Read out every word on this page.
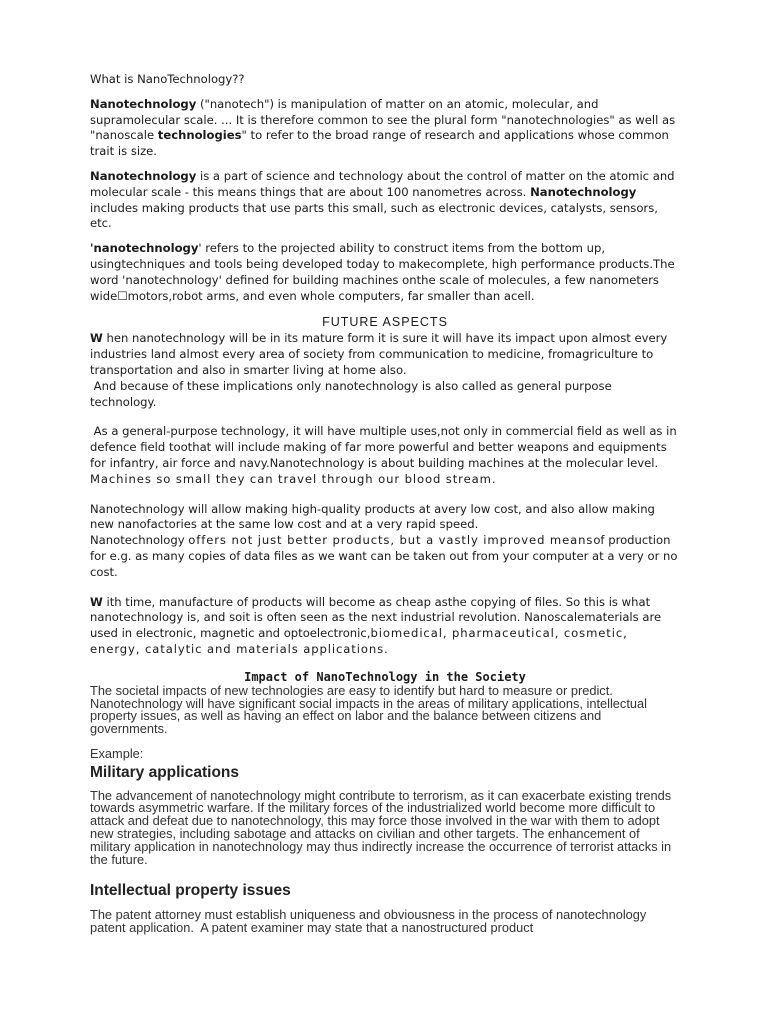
What is NanoTechnology??

Nanotechnology ("nanotech") is manipulation of matter on an atomic, molecular, and supramolecular scale. ... It is therefore common to see the plural form "nanotechnologies" as well as "nanoscale technologies" to refer to the broad range of research and applications whose common trait is size.

Nanotechnology is a part of science and technology about the control of matter on the atomic and molecular scale - this means things that are about 100 nanometres across. Nanotechnology includes making products that use parts this small, such as electronic devices, catalysts, sensors, etc.

'nanotechnology' refers to the projected ability to construct items from the bottom up, usingtechniques and tools being developed today to makecomplete, high performance products.The word 'nanotechnology' defined for building machines onthe scale of molecules, a few nanometers wide☐motors,robot arms, and even whole computers, far smaller than acell.

FUTURE ASPECTS

W hen nanotechnology will be in its mature form it is sure it will have its impact upon almost every industries land almost every area of society from communication to medicine, fromagriculture to transportation and also in smarter living at home also.
And because of these implications only nanotechnology is also called as general purpose technology.

As a general-purpose technology, it will have multiple uses,not only in commercial field as well as in defence field toothat will include making of far more powerful and better weapons and equipments for infantry, air force and navy.Nanotechnology is about building machines at the molecular level. Machines so small they can travel through our blood stream.

Nanotechnology will allow making high-quality products at avery low cost, and also allow making new nanofactories at the same low cost and at a very rapid speed.
Nanotechnology offers not just better products, but a vastly improved meansof production for e.g. as many copies of data files as we want can be taken out from your computer at a very or no cost.

W ith time, manufacture of products will become as cheap asthe copying of files. So this is what nanotechnology is, and soit is often seen as the next industrial revolution. Nanoscalematerials are used in electronic, magnetic and optoelectronic,biomedical, pharmaceutical, cosmetic, energy, catalytic and materials applications.

Impact of NanoTechnology in the Society

The societal impacts of new technologies are easy to identify but hard to measure or predict. Nanotechnology will have significant social impacts in the areas of military applications, intellectual property issues, as well as having an effect on labor and the balance between citizens and governments.

Example:

Military applications

The advancement of nanotechnology might contribute to terrorism, as it can exacerbate existing trends towards asymmetric warfare. If the military forces of the industrialized world become more difficult to attack and defeat due to nanotechnology, this may force those involved in the war with them to adopt new strategies, including sabotage and attacks on civilian and other targets. The enhancement of military application in nanotechnology may thus indirectly increase the occurrence of terrorist attacks in the future.

Intellectual property issues

The patent attorney must establish uniqueness and obviousness in the process of nanotechnology patent application.  A patent examiner may state that a nanostructured product
